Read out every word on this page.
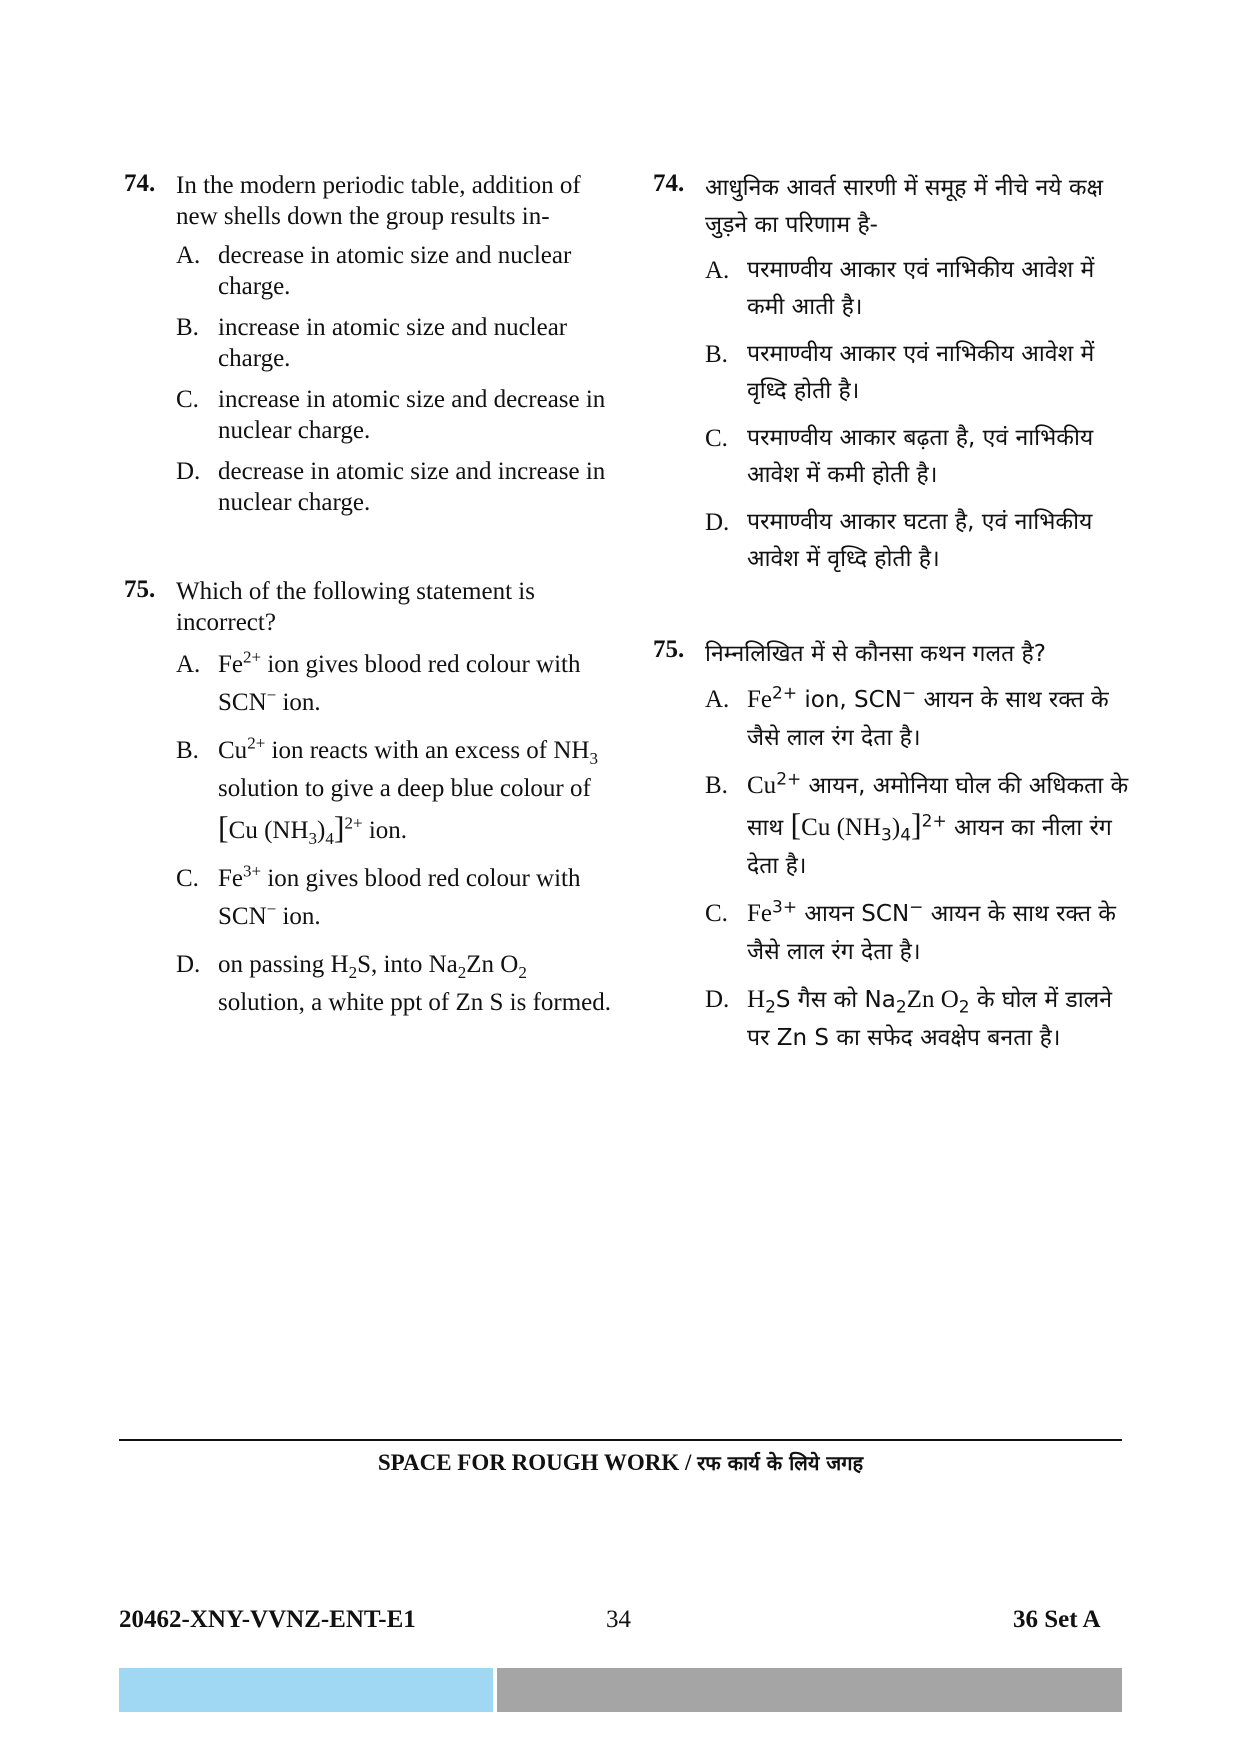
74. In the modern periodic table, addition of new shells down the group results in-
A. decrease in atomic size and nuclear charge.
B. increase in atomic size and nuclear charge.
C. increase in atomic size and decrease in nuclear charge.
D. decrease in atomic size and increase in nuclear charge.
75. Which of the following statement is incorrect?
A. $Fe^{2+}$ ion gives blood red colour with SCN− ion.
B. $Cu^{2+}$ ion reacts with an excess of $NH_3$ solution to give a deep blue colour of [Cu $(NH_3)_4]^{2+}$ ion.
C. $Fe^{3+}$ ion gives blood red colour with SCN− ion.
D. on passing $H_2S$, into $Na_2Zn$ $O_2$ solution, a white ppt of Zn S is formed.
74. आधुनिक आवर्त सारणी में समूह में नीचे नये कक्ष जुड़ने का परिणाम है-
A. परमाण्वीय आकार एवं नाभिकीय आवेश में कमी आती है।
B. परमाण्वीय आकार एवं नाभिकीय आवेश में वृध्दि होती है।
C. परमाण्वीय आकार बढ़ता है, एवं नाभिकीय आवेश में कमी होती है।
D. परमाण्वीय आकार घटता है, एवं नाभिकीय आवेश में वृध्दि होती है।
75. निम्नलिखित में से कौनसा कथन गलत है?
A. $Fe^{2+}$ ion, SCN− आयन के साथ रक्त के जैसे लाल रंग देता है।
B. $Cu^{2+}$ आयन, अमोनिया घोल की अधिकता के साथ [Cu $(NH_3)_4]^{2+}$ आयन का नीला रंग देता है।
C. $Fe^{3+}$ आयन SCN− आयन के साथ रक्त के जैसे लाल रंग देता है।
D. $H_2S$ गैस को $Na_2Zn$ $O_2$ के घोल में डालने पर Zn S का सफेद अवक्षेप बनता है।
SPACE FOR ROUGH WORK / रफ कार्य के लिये जगह
20462-XNY-VVNZ-ENT-E1	34	36 Set A
